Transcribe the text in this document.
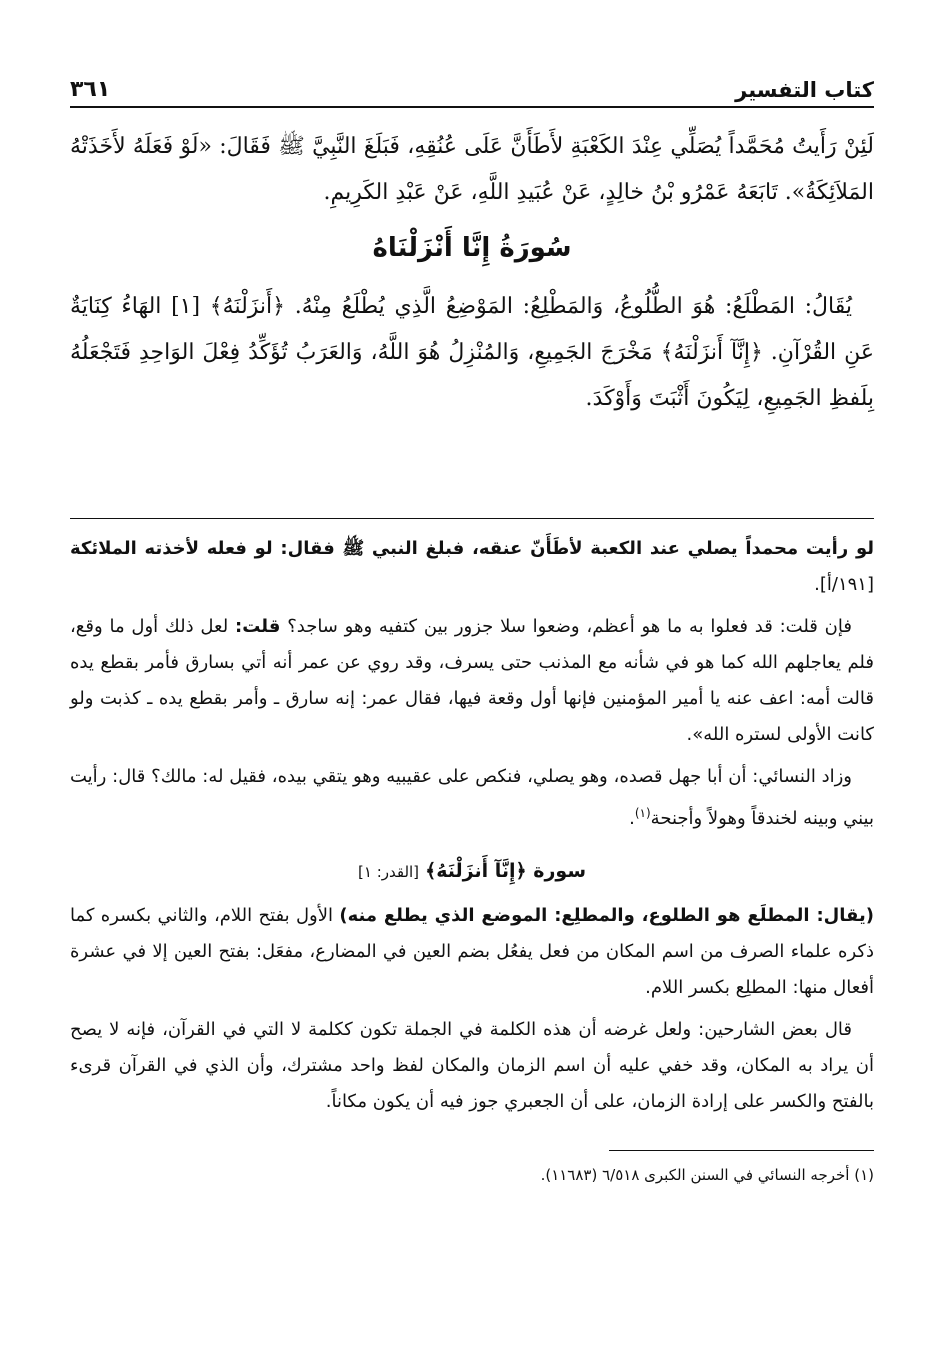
كتاب التفسير
٣٦١

لَئِنْ رَأَيتُ مُحَمَّداً يُصَلِّي عِنْدَ الكَعْبَةِ لأَطَأَنَّ عَلَى عُنُقِهِ، فَبَلَغَ النَّبِيَّ ﷺ فَقَالَ: «لَوْ فَعَلَهُ لأَخَذَتْهُ المَلاَئِكَةُ». تَابَعَهُ عَمْرُو بْنُ خالِدٍ، عَنْ عُبَيدِ اللَّهِ، عَنْ عَبْدِ الكَرِيمِ.

سُورَةُ إِنَّا أَنْزَلْنَاهُ

يُقَالُ: المَطْلَعُ: هُوَ الطُّلُوعُ، وَالمَطْلِعُ: المَوْضِعُ الَّذِي يُطْلَعُ مِنْهُ. ﴿أَنزَلْنَهُ﴾ [١] الهَاءُ كِنَايَةٌ عَنِ القُرْآنِ. ﴿إِنَّآ أَنزَلْنَهُ﴾ مَخْرَجَ الجَمِيعِ، وَالمُنْزِلُ هُوَ اللَّهُ، وَالعَرَبُ تُؤَكِّدُ فِعْلَ الوَاحِدِ فَتَجْعَلُهُ بِلَفظِ الجَمِيعِ، لِيَكُونَ أَثْبَتَ وَأَوْكَدَ.

لو رأيت محمداً يصلي عند الكعبة لأطَأَنّ عنقه، فبلغ النبي ﷺ فقال: لو فعله لأخذته الملائكة [١٩١/أ].

فإن قلت: قد فعلوا به ما هو أعظم، وضعوا سلا جزور بين كتفيه وهو ساجد؟ قلت: لعل ذلك أول ما وقع، فلم يعاجلهم الله كما هو في شأنه مع المذنب حتى يسرف، وقد روي عن عمر أنه أتي بسارق فأمر بقطع يده قالت أمه: اعف عنه يا أمير المؤمنين فإنها أول وقعة فيها، فقال عمر: إنه سارق ـ وأمر بقطع يده ـ كذبت ولو كانت الأولى لستره الله».

وزاد النسائي: أن أبا جهل قصده، وهو يصلي، فنكص على عقيبيه وهو يتقي بيده، فقيل له: مالك؟ قال: رأيت بيني وبينه لخندقاً وهولاً وأجنحة$^{(١)}$.

سورة ﴿إِنَّآ أَنزَلْنَهُ﴾ [القدر: ١]

(يقال: المطلَع هو الطلوع، والمطلِع: الموضع الذي يطلع منه) الأول بفتح اللام، والثاني بكسره كما ذكره علماء الصرف من اسم المكان من فعل يفعُل بضم العين في المضارع، مفعَل: بفتح العين إلا في عشرة أفعال منها: المطلِع بكسر اللام.

قال بعض الشارحين: ولعل غرضه أن هذه الكلمة في الجملة تكون ككلمة لا التي في القرآن، فإنه لا يصح أن يراد به المكان، وقد خفي عليه أن اسم الزمان والمكان لفظ واحد مشترك، وأن الذي في القرآن قرىء بالفتح والكسر على إرادة الزمان، على أن الجعبري جوز فيه أن يكون مكاناً.

(١) أخرجه النسائي في السنن الكبرى ٦/٥١٨ (١١٦٨٣).
